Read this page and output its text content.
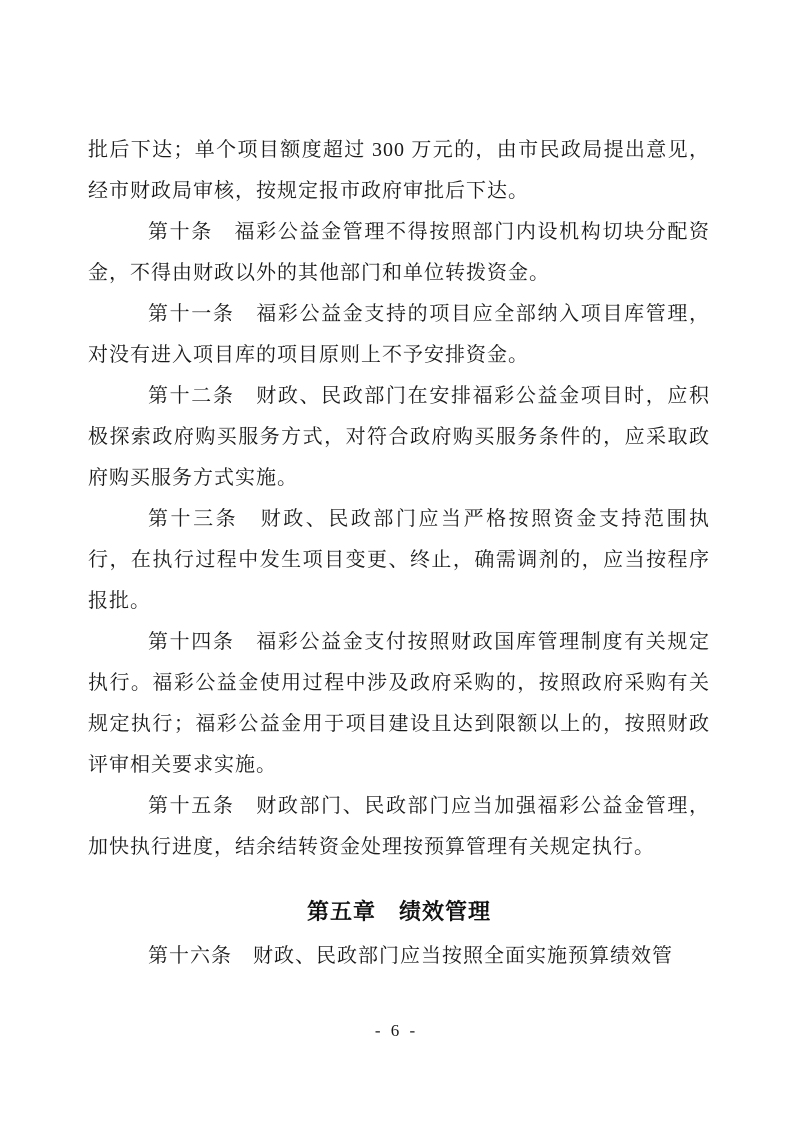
批后下达；单个项目额度超过 300 万元的，由市民政局提出意见，经市财政局审核，按规定报市政府审批后下达。

第十条　福彩公益金管理不得按照部门内设机构切块分配资金，不得由财政以外的其他部门和单位转拨资金。

第十一条　福彩公益金支持的项目应全部纳入项目库管理，对没有进入项目库的项目原则上不予安排资金。

第十二条　财政、民政部门在安排福彩公益金项目时，应积极探索政府购买服务方式，对符合政府购买服务条件的，应采取政府购买服务方式实施。

第十三条　财政、民政部门应当严格按照资金支持范围执行，在执行过程中发生项目变更、终止，确需调剂的，应当按程序报批。

第十四条　福彩公益金支付按照财政国库管理制度有关规定执行。福彩公益金使用过程中涉及政府采购的，按照政府采购有关规定执行；福彩公益金用于项目建设且达到限额以上的，按照财政评审相关要求实施。

第十五条　财政部门、民政部门应当加强福彩公益金管理，加快执行进度，结余结转资金处理按预算管理有关规定执行。

第五章　绩效管理

第十六条　财政、民政部门应当按照全面实施预算绩效管

- 6 -
